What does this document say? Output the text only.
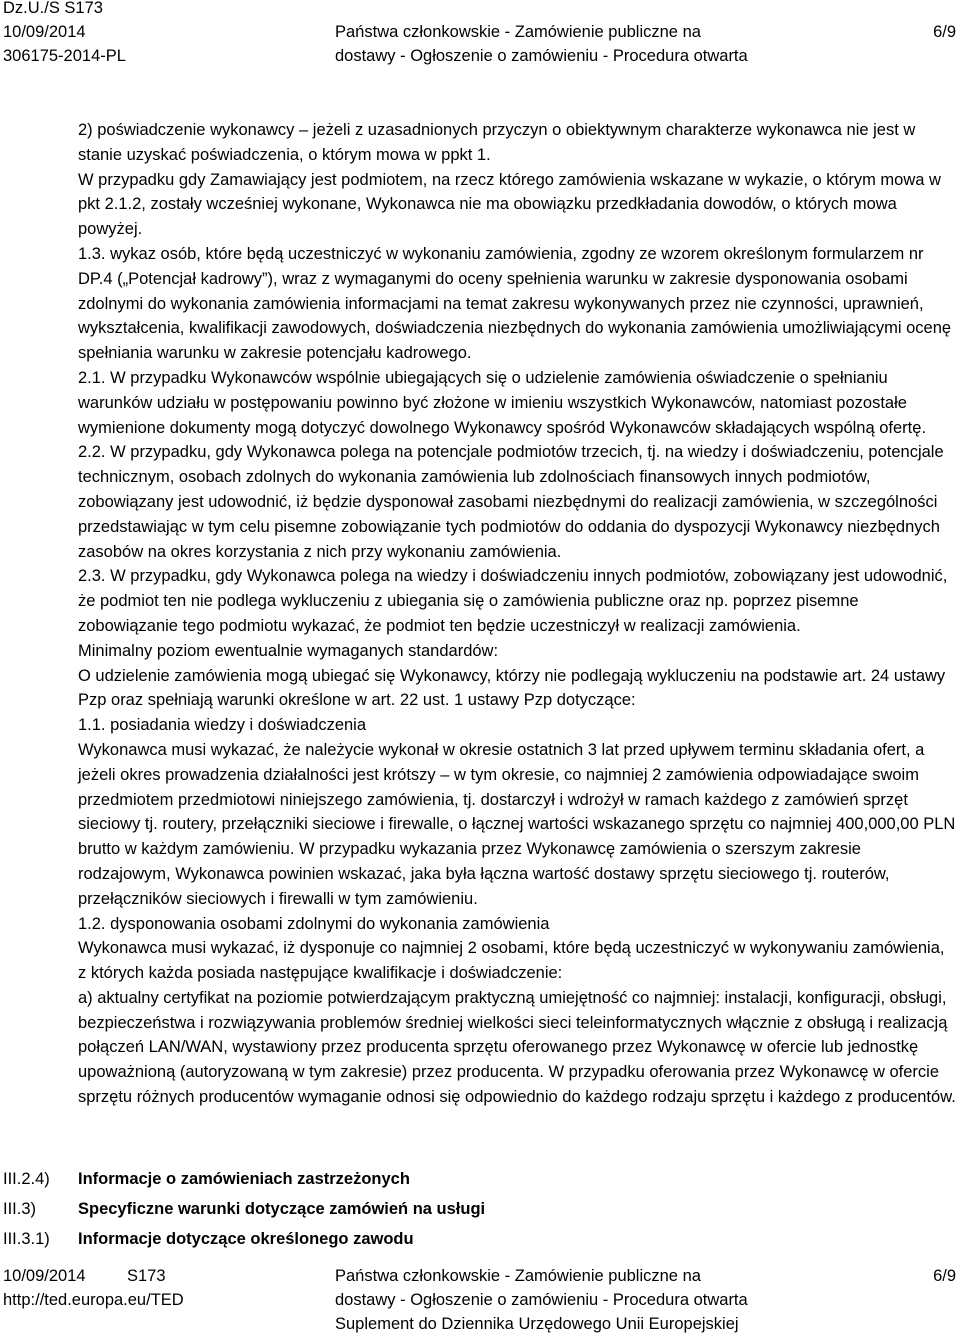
Dz.U./S S173
10/09/2014
306175-2014-PL
Państwa członkowskie - Zamówienie publiczne na
dostawy - Ogłoszenie o zamówieniu - Procedura otwarta
6/9

2) poświadczenie wykonawcy – jeżeli z uzasadnionych przyczyn o obiektywnym charakterze wykonawca nie jest w stanie uzyskać poświadczenia, o którym mowa w ppkt 1.

W przypadku gdy Zamawiający jest podmiotem, na rzecz którego zamówienia wskazane w wykazie, o którym mowa w pkt 2.1.2, zostały wcześniej wykonane, Wykonawca nie ma obowiązku przedkładania dowodów, o których mowa powyżej.

1.3. wykaz osób, które będą uczestniczyć w wykonaniu zamówienia, zgodny ze wzorem określonym formularzem nr DP.4 („Potencjał kadrowy”), wraz z wymaganymi do oceny spełnienia warunku w zakresie dysponowania osobami zdolnymi do wykonania zamówienia informacjami na temat zakresu wykonywanych przez nie czynności, uprawnień, wykształcenia, kwalifikacji zawodowych, doświadczenia niezbędnych do wykonania zamówienia umożliwiającymi ocenę spełniania warunku w zakresie potencjału kadrowego.

2.1. W przypadku Wykonawców wspólnie ubiegających się o udzielenie zamówienia oświadczenie o spełnianiu warunków udziału w postępowaniu powinno być złożone w imieniu wszystkich Wykonawców, natomiast pozostałe wymienione dokumenty mogą dotyczyć dowolnego Wykonawcy spośród Wykonawców składających wspólną ofertę.

2.2. W przypadku, gdy Wykonawca polega na potencjale podmiotów trzecich, tj. na wiedzy i doświadczeniu, potencjale technicznym, osobach zdolnych do wykonania zamówienia lub zdolnościach finansowych innych podmiotów, zobowiązany jest udowodnić, iż będzie dysponował zasobami niezbędnymi do realizacji zamówienia, w szczególności przedstawiając w tym celu pisemne zobowiązanie tych podmiotów do oddania do dyspozycji Wykonawcy niezbędnych zasobów na okres korzystania z nich przy wykonaniu zamówienia.

2.3. W przypadku, gdy Wykonawca polega na wiedzy i doświadczeniu innych podmiotów, zobowiązany jest udowodnić, że podmiot ten nie podlega wykluczeniu z ubiegania się o zamówienia publiczne oraz np. poprzez pisemne zobowiązanie tego podmiotu wykazać, że podmiot ten będzie uczestniczył w realizacji zamówienia.

Minimalny poziom ewentualnie wymaganych standardów:

O udzielenie zamówienia mogą ubiegać się Wykonawcy, którzy nie podlegają wykluczeniu na podstawie art. 24 ustawy Pzp oraz spełniają warunki określone w art. 22 ust. 1 ustawy Pzp dotyczące:

1.1. posiadania wiedzy i doświadczenia

Wykonawca musi wykazać, że należycie wykonał w okresie ostatnich 3 lat przed upływem terminu składania ofert, a jeżeli okres prowadzenia działalności jest krótszy – w tym okresie, co najmniej 2 zamówienia odpowiadające swoim przedmiotem przedmiotowi niniejszego zamówienia, tj. dostarczył i wdrożył w ramach każdego z zamówień sprzęt sieciowy tj. routery, przełączniki sieciowe i firewalle, o łącznej wartości wskazanego sprzętu co najmniej 400,000,00 PLN brutto w każdym zamówieniu. W przypadku wykazania przez Wykonawcę zamówienia o szerszym zakresie rodzajowym, Wykonawca powinien wskazać, jaka była łączna wartość dostawy sprzętu sieciowego tj. routerów, przełączników sieciowych i firewalli w tym zamówieniu.

1.2. dysponowania osobami zdolnymi do wykonania zamówienia

Wykonawca musi wykazać, iż dysponuje co najmniej 2 osobami, które będą uczestniczyć w wykonywaniu zamówienia, z których każda posiada następujące kwalifikacje i doświadczenie:

a) aktualny certyfikat na poziomie potwierdzającym praktyczną umiejętność co najmniej: instalacji, konfiguracji, obsługi, bezpieczeństwa i rozwiązywania problemów średniej wielkości sieci teleinformatycznych włącznie z obsługą i realizacją połączeń LAN/WAN, wystawiony przez producenta sprzętu oferowanego przez Wykonawcę w ofercie lub jednostkę upoważnioną (autoryzowaną w tym zakresie) przez producenta. W przypadku oferowania przez Wykonawcę w ofercie sprzętu różnych producentów wymaganie odnosi się odpowiednio do każdego rodzaju sprzętu i każdego z producentów.

III.2.4) Informacje o zamówieniach zastrzeżonych
III.3)	Specyficzne warunki dotyczące zamówień na usługi
III.3.1) Informacje dotyczące określonego zawodu
10/09/2014	S173
http://ted.europa.eu/TED
Państwa członkowskie - Zamówienie publiczne na
dostawy - Ogłoszenie o zamówieniu - Procedura otwarta
Suplement do Dziennika Urzędowego Unii Europejskiej
6/9
